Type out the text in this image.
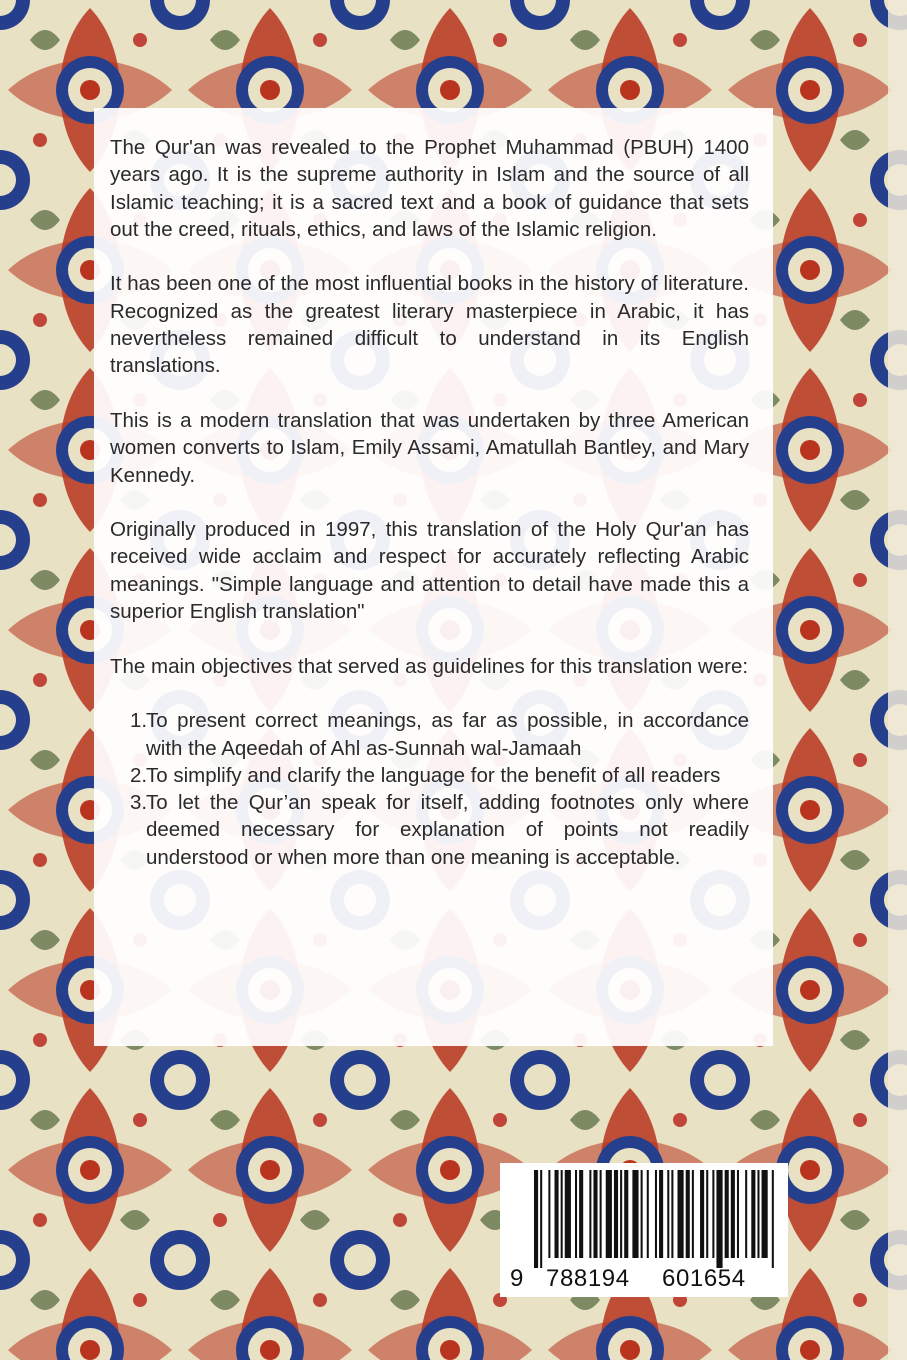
The Qur'an was revealed to the Prophet Muhammad (PBUH) 1400 years ago. It is the supreme authority in Islam and the source of all Islamic teaching; it is a sacred text and a book of guidance that sets out the creed, rituals, ethics, and laws of the Islamic religion.

It has been one of the most influential books in the history of literature. Recognized as the greatest literary masterpiece in Arabic, it has nevertheless remained difficult to understand in its English translations.

This is a modern translation that was undertaken by three American women converts to Islam, Emily Assami, Amatullah Bantley, and Mary Kennedy.

Originally produced in 1997, this translation of the Holy Qur'an has received wide acclaim and respect for accurately reflecting Arabic meanings. "Simple language and attention to detail have made this a superior English translation"

The main objectives that served as guidelines for this translation were:

1.
To present correct meanings, as far as possible, in accordance with the Aqeedah of Ahl as-Sunnah wal-Jamaah
2.
To simplify and clarify the language for the benefit of all readers
3.
To let the Qur’an speak for itself, adding footnotes only where deemed necessary for explanation of points not readily understood or when more than one meaning is acceptable.
9 788194 601654
